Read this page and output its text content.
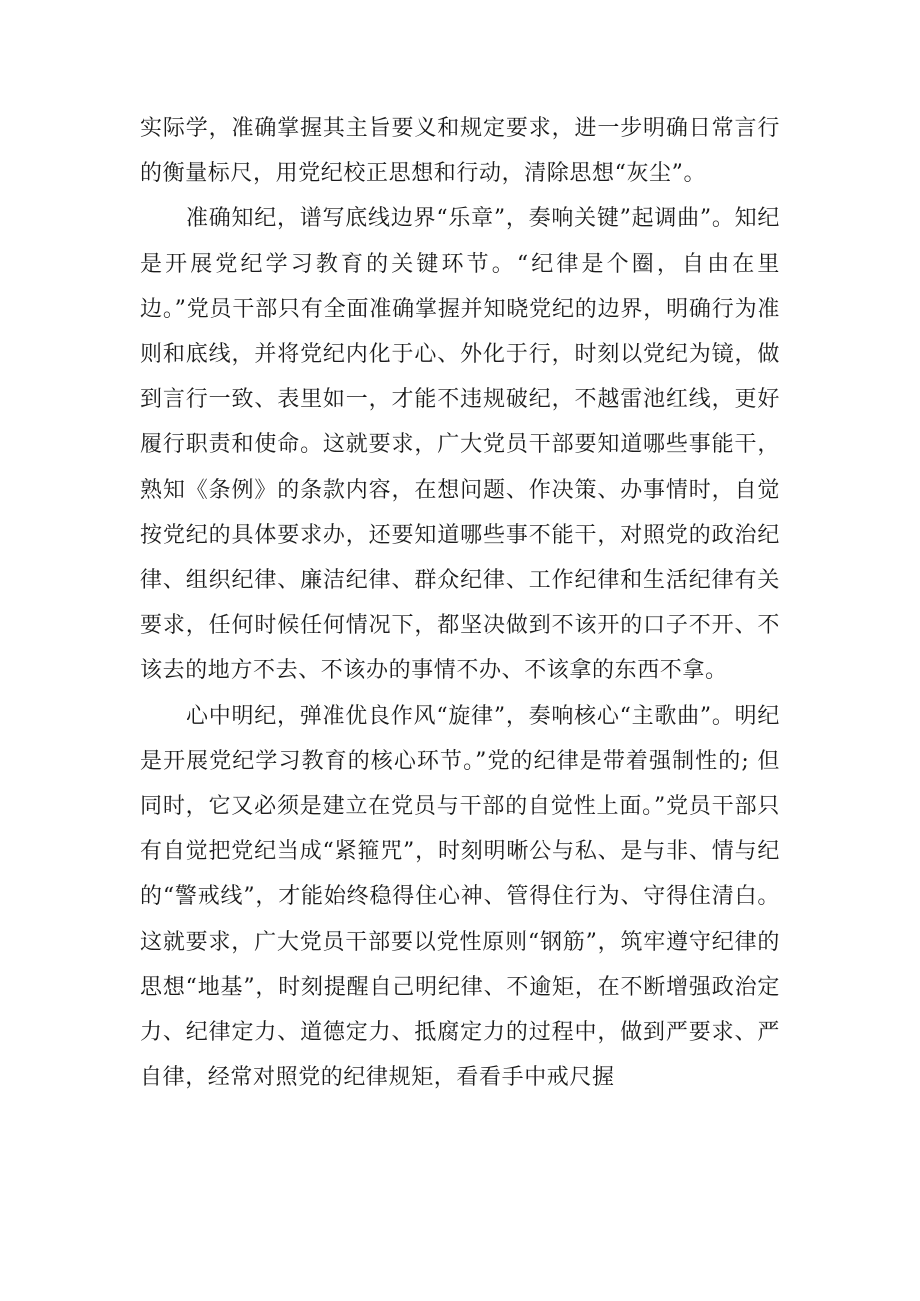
实际学，准确掌握其主旨要义和规定要求，进一步明确日常言行的衡量标尺，用党纪校正思想和行动，清除思想“灰尘”。

准确知纪，谱写底线边界“乐章”，奏响关键”起调曲”。知纪是开展党纪学习教育的关键环节。“纪律是个圈，自由在里边。”党员干部只有全面准确掌握并知晓党纪的边界，明确行为准则和底线，并将党纪内化于心、外化于行，时刻以党纪为镜，做到言行一致、表里如一，才能不违规破纪，不越雷池红线，更好履行职责和使命。这就要求，广大党员干部要知道哪些事能干，熟知《条例》的条款内容，在想问题、作决策、办事情时，自觉按党纪的具体要求办，还要知道哪些事不能干，对照党的政治纪律、组织纪律、廉洁纪律、群众纪律、工作纪律和生活纪律有关要求，任何时候任何情况下，都坚决做到不该开的口子不开、不该去的地方不去、不该办的事情不办、不该拿的东西不拿。

心中明纪，弹准优良作风“旋律”，奏响核心“主歌曲”。明纪是开展党纪学习教育的核心环节。”党的纪律是带着强制性的; 但同时，它又必须是建立在党员与干部的自觉性上面。”党员干部只有自觉把党纪当成“紧箍咒”，时刻明晰公与私、是与非、情与纪的“警戒线”，才能始终稳得住心神、管得住行为、守得住清白。这就要求，广大党员干部要以党性原则“钢筋”，筑牢遵守纪律的思想“地基”，时刻提醒自己明纪律、不逾矩，在不断增强政治定力、纪律定力、道德定力、抵腐定力的过程中，做到严要求、严自律，经常对照党的纪律规矩，看看手中戒尺握
